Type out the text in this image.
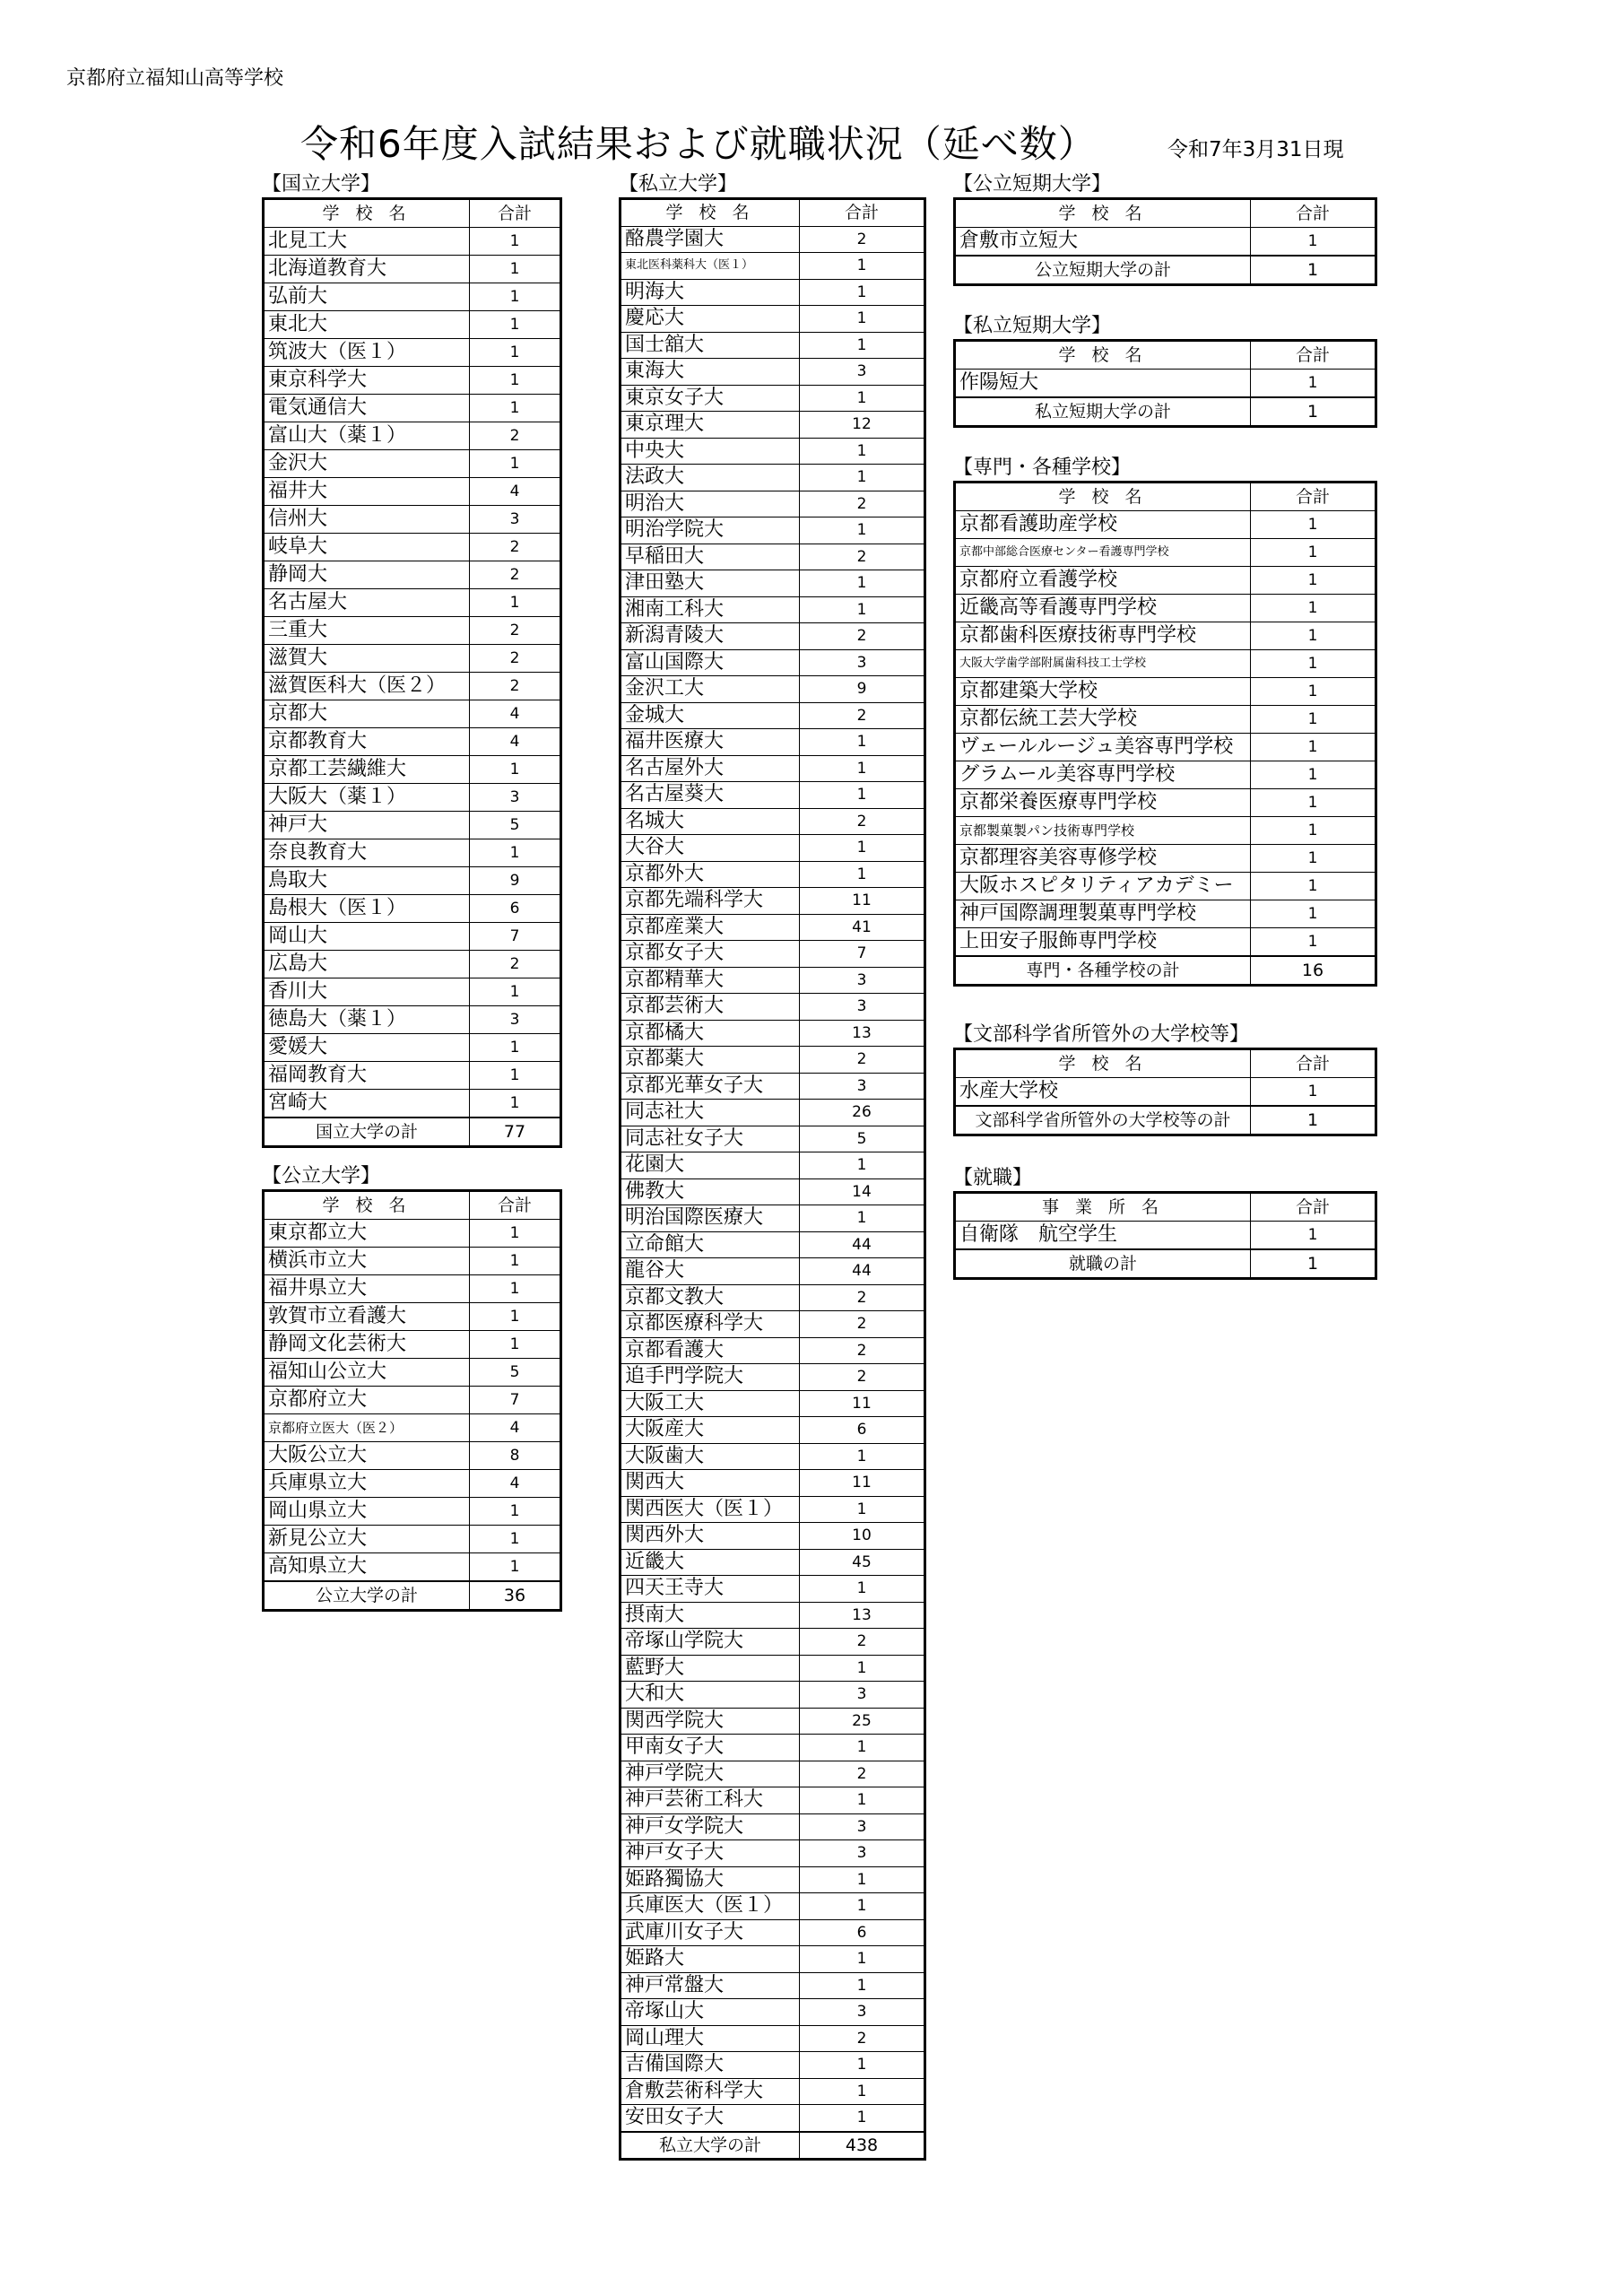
京都府立福知山高等学校
令和6年度入試結果および就職状況（延べ数）	令和7年3月31日現
【国立大学】
学 校 名	合計
北見工大	1
北海道教育大	1
弘前大	1
東北大	1
筑波大（医１）	1
東京科学大	1
電気通信大	1
富山大（薬１）	2
金沢大	1
福井大	4
信州大	3
岐阜大	2
静岡大	2
名古屋大	1
三重大	2
滋賀大	2
滋賀医科大（医２）	2
京都大	4
京都教育大	4
京都工芸繊維大	1
大阪大（薬１）	3
神戸大	5
奈良教育大	1
鳥取大	9
島根大（医１）	6
岡山大	7
広島大	2
香川大	1
徳島大（薬１）	3
愛媛大	1
福岡教育大	1
宮崎大	1
国立大学の計	77
【公立大学】
学 校 名	合計
東京都立大	1
横浜市立大	1
福井県立大	1
敦賀市立看護大	1
静岡文化芸術大	1
福知山公立大	5
京都府立大	7
京都府立医大（医２）	4
大阪公立大	8
兵庫県立大	4
岡山県立大	1
新見公立大	1
高知県立大	1
公立大学の計	36
【私立大学】
学 校 名	合計
酪農学園大	2
東北医科薬科大（医１）	1
明海大	1
慶応大	1
国士舘大	1
東海大	3
東京女子大	1
東京理大	12
中央大	1
法政大	1
明治大	2
明治学院大	1
早稲田大	2
津田塾大	1
湘南工科大	1
新潟青陵大	2
富山国際大	3
金沢工大	9
金城大	2
福井医療大	1
名古屋外大	1
名古屋葵大	1
名城大	2
大谷大	1
京都外大	1
京都先端科学大	11
京都産業大	41
京都女子大	7
京都精華大	3
京都芸術大	3
京都橘大	13
京都薬大	2
京都光華女子大	3
同志社大	26
同志社女子大	5
花園大	1
佛教大	14
明治国際医療大	1
立命館大	44
龍谷大	44
京都文教大	2
京都医療科学大	2
京都看護大	2
追手門学院大	2
大阪工大	11
大阪産大	6
大阪歯大	1
関西大	11
関西医大（医１）	1
関西外大	10
近畿大	45
四天王寺大	1
摂南大	13
帝塚山学院大	2
藍野大	1
大和大	3
関西学院大	25
甲南女子大	1
神戸学院大	2
神戸芸術工科大	1
神戸女学院大	3
神戸女子大	3
姫路獨協大	1
兵庫医大（医１）	1
武庫川女子大	6
姫路大	1
神戸常盤大	1
帝塚山大	3
岡山理大	2
吉備国際大	1
倉敷芸術科学大	1
安田女子大	1
私立大学の計	438
【公立短期大学】
学 校 名	合計
倉敷市立短大	1
公立短期大学の計	1
【私立短期大学】
学 校 名	合計
作陽短大	1
私立短期大学の計	1
【専門・各種学校】
学 校 名	合計
京都看護助産学校	1
京都中部総合医療センター看護専門学校	1
京都府立看護学校	1
近畿高等看護専門学校	1
京都歯科医療技術専門学校	1
大阪大学歯学部附属歯科技工士学校	1
京都建築大学校	1
京都伝統工芸大学校	1
ヴェールルージュ美容専門学校	1
グラムール美容専門学校	1
京都栄養医療専門学校	1
京都製菓製パン技術専門学校	1
京都理容美容専修学校	1
大阪ホスピタリティアカデミー	1
神戸国際調理製菓専門学校	1
上田安子服飾専門学校	1
専門・各種学校の計	16
【文部科学省所管外の大学校等】
学 校 名	合計
水産大学校	1
文部科学省所管外の大学校等の計	1
【就職】
事 業 所 名	合計
自衛隊　航空学生	1
就職の計	1
